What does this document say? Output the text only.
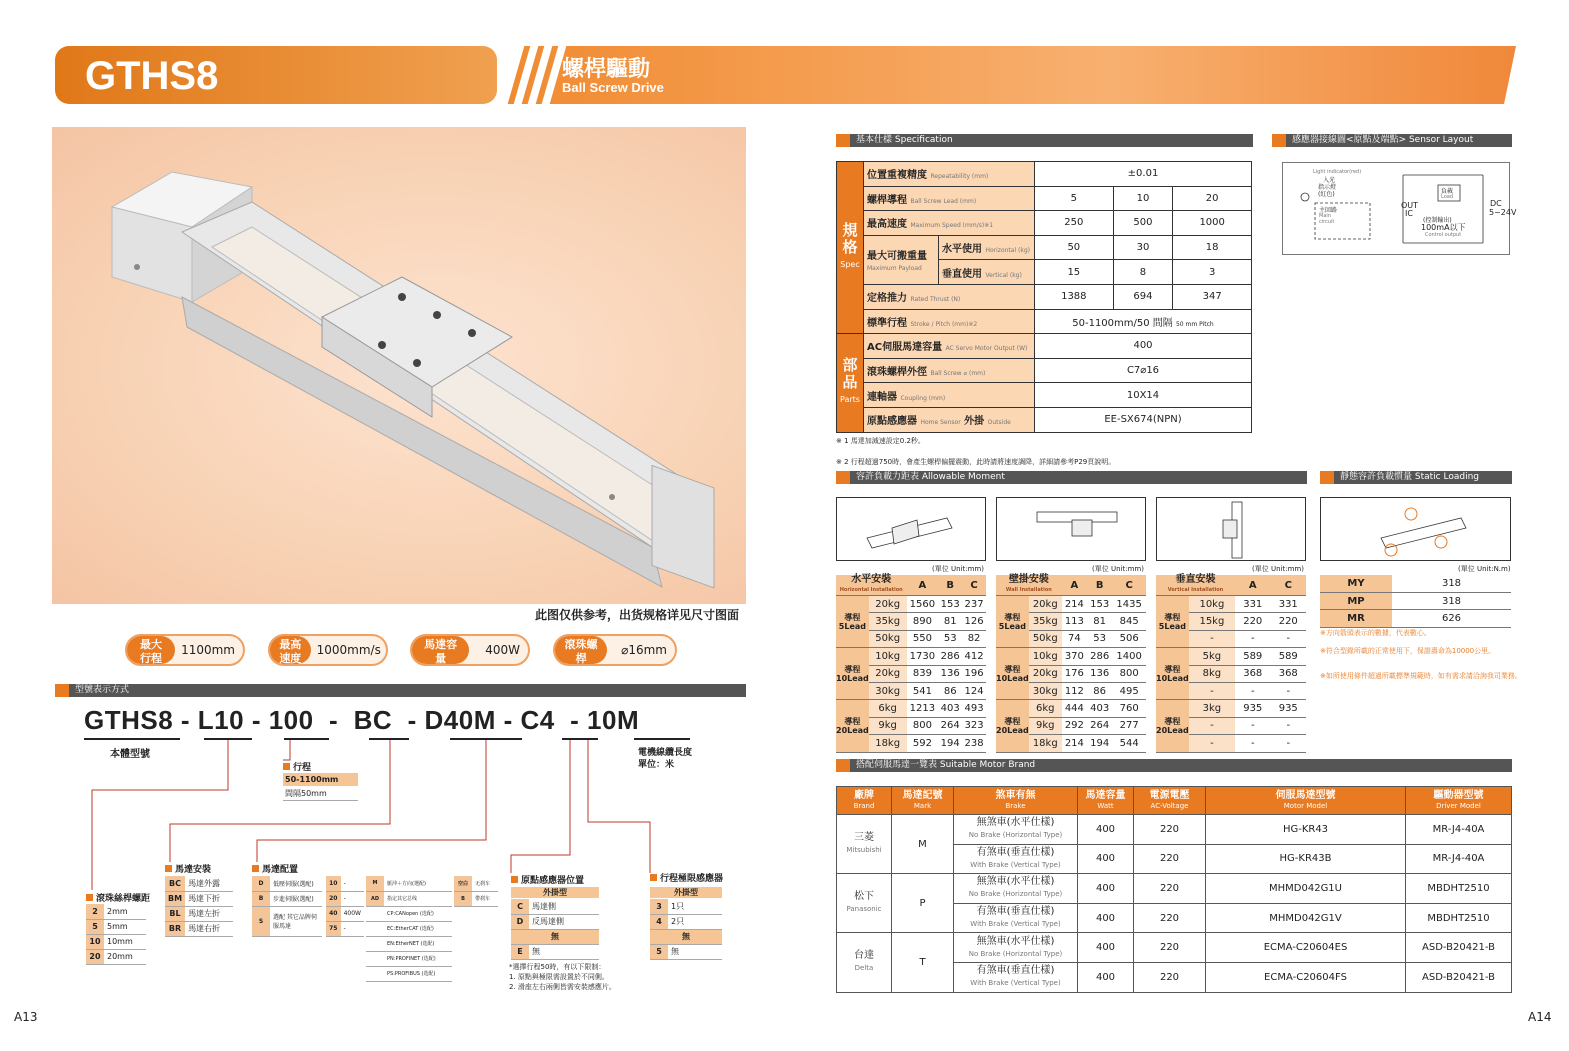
GTHS8	螺桿驅動
Ball Screw Drive
此图仅供参考，出货规格详见尺寸图面
最大行程
Maximum Stroke
1100mm	最高速度
Maximum Speed
1000mm/s	馬達容量
Motor Output
400W	滾珠螺桿
Ball Screw
⌀16mm
型號表示方式
GTHS8 - L10 - 100  -  BC  - D40M - C4  - 10M
本體型號	電機線纜長度
單位：米
行程
50-1100mm
間隔50mm
滾珠絲桿螺距
2	2mm
5	5mm
10	10mm
20	20mm
馬達安裝
BC	馬達外露
BM	馬達下折
BL	馬達左折
BR	馬達右折
馬達配置
D	低壓伺服(選配)
B	步進伺服(選配)
S	選配 其它品牌伺服馬達
10	-
20	-
40	400W
75	-
M	脈沖＋方向(選配)
AD	指定其它总线
	CP:CANopen (选配)
	EC:EtherCAT (选配)
	EN:EtherNET (选配)
	PN:PROFINET (选配)
	PS:PROFIBUS (选配)
空白	无刹车
B	帶刹车
原點感應器位置
外掛型
C	馬達側
D	反馬達側
無	
E	無
行程極限感應器
外掛型
3	1只
4	2只
無	
5	無
*選擇行程50時，有以下限制：
1. 原點與極限需設置於不同側。
2. 滑座左右兩側皆需安裝感應片。
基本仕樣 Specification
規格
Spec	位置重複精度 Repeatability (mm)		±0.01		
	螺桿導程 Ball Screw Lead (mm)		5	10	20
	最高速度 Maximum Speed (mm/s)※1		250	500	1000
	最大可搬重量
Maximum Payload	水平使用 Horizontal (kg)	50	30	18
		垂直使用 Vertical (kg)	15	8	3
	定格推力 Rated Thrust (N)		1388	694	347
	標準行程 Stroke / Pitch (mm)※2		50-1100mm/50 間隔 50 mm Pitch		
部品
Parts	AC伺服馬達容量 AC Servo Motor Output (W)		400		
	滾珠螺桿外徑 Ball Screw ⌀ (mm)		C7⌀16		
	連軸器 Coupling (mm)		10X14		
	原點感應器 Home Sensor 外掛 Outside		EE-SX674(NPN)		
※ 1 馬達加減速設定0.2秒。
※ 2 行程超過750時，會產生螺桿偏擺震動，此時請將速度調降，詳細請參考P29頁說明。
感應器接線圖<原點及端點> Sensor Layout
Light indicator(red)
入光
指示燈
(紅色)
主回路
Main circuit
負載
Load
OUT
IC
(控制輸出)
100mA以下
Control output
DC
5~24V
容許負載力距表 Allowable Moment
(單位 Unit:mm)	(單位 Unit:mm)	(單位 Unit:mm)
水平安裝
Horizontal Installation		A	B	C
導程5Lead	20kg	1560	153	237
	35kg	890	81	126
	50kg	550	53	82
導程10Lead	10kg	1730	286	412
	20kg	839	136	196
	30kg	541	86	124
導程20Lead	6kg	1213	403	493
	9kg	800	264	323
	18kg	592	194	238
壁掛安裝
Wall Installation		A	B	C
導程5Lead	20kg	214	153	1435
	35kg	113	81	845
	50kg	74	53	506
導程10Lead	10kg	370	286	1400
	20kg	176	136	800
	30kg	112	86	495
導程20Lead	6kg	444	403	760
	9kg	292	264	277
	18kg	214	194	544
垂直安裝
Vertical Installation		A	C
導程5Lead	10kg	331	331
	15kg	220	220
	-	-	-
導程10Lead	5kg	589	589
	8kg	368	368
	-	-	-
導程20Lead	3kg	935	935
	-	-	-
	-	-	-
靜態容許負載慣量 Static Loading Moment
(單位 Unit:N.m)
MY	318
MP	318
MR	626
※方向箭頭表示的數據，代表數心。
※符合型錄所載的正常使用下，保證壽命為10000公里。
※如所使用條件超過所載標準規範時，如有需求請洽詢我司業務。
搭配伺服馬達一覽表 Suitable Motor Brand
廠牌
Brand	馬達記號
Mark	煞車有無
Brake	馬達容量
Watt	電源電壓
AC-Voltage	伺服馬達型號
Motor Model	驅動器型號
Driver Model

三菱
Mitsubishi	M	無煞車(水平仕樣)
No Brake (Horizontal Type)	400	220	HG-KR43	MR-J4-40A
		有煞車(垂直仕樣)
With Brake (Vertical Type)	400	220	HG-KR43B	MR-J4-40A
松下
Panasonic	P	無煞車(水平仕樣)
No Brake (Horizontal Type)	400	220	MHMD042G1U	MBDHT2510
		有煞車(垂直仕樣)
With Brake (Vertical Type)	400	220	MHMD042G1V	MBDHT2510
台達
Delta	T	無煞車(水平仕樣)
No Brake (Horizontal Type)	400	220	ECMA-C20604ES	ASD-B20421-B
		有煞車(垂直仕樣)
With Brake (Vertical Type)	400	220	ECMA-C20604FS	ASD-B20421-B
A13	A14
